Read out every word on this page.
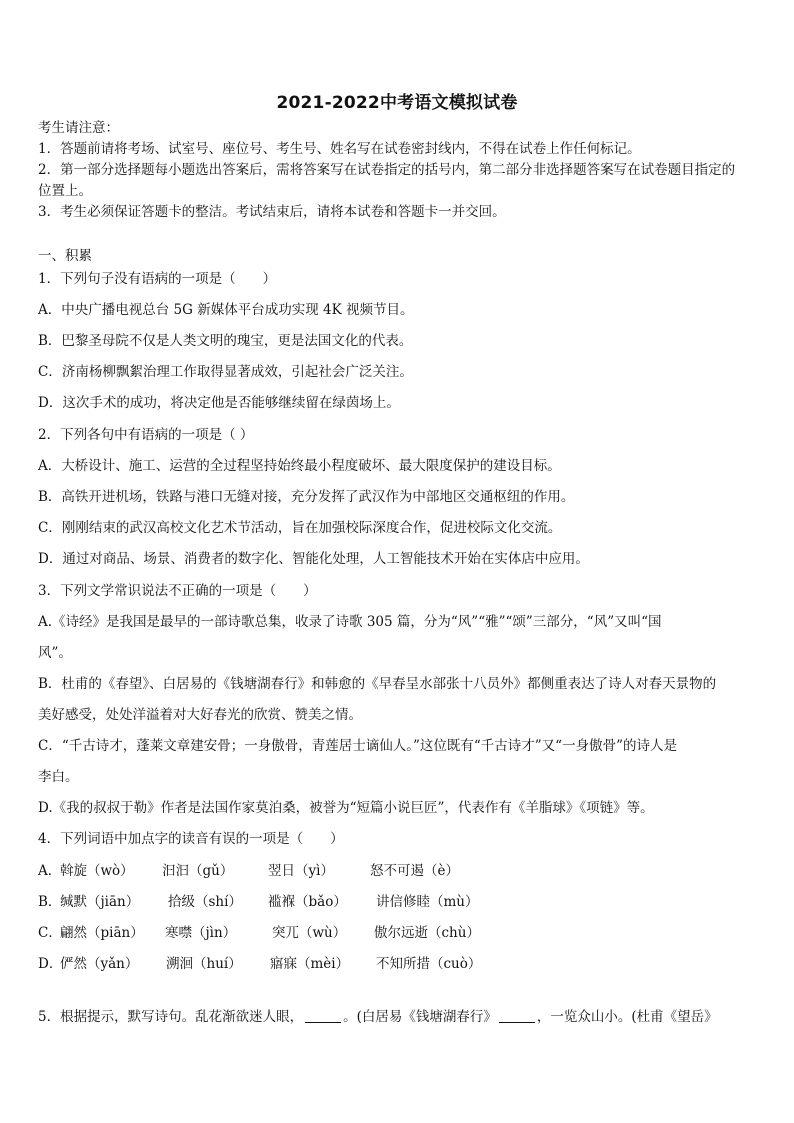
2021-2022中考语文模拟试卷
考生请注意：
1．答题前请将考场、试室号、座位号、考生号、姓名写在试卷密封线内，不得在试卷上作任何标记。
2．第一部分选择题每小题选出答案后，需将答案写在试卷指定的括号内，第二部分非选择题答案写在试卷题目指定的
位置上。
3．考生必须保证答题卡的整洁。考试结束后，请将本试卷和答题卡一并交回。
一、积累
1．下列句子没有语病的一项是（　　）
A．中央广播电视总台 5G 新媒体平台成功实现 4K 视频节目。
B．巴黎圣母院不仅是人类文明的瑰宝，更是法国文化的代表。
C．济南杨柳飘絮治理工作取得显著成效，引起社会广泛关注。
D．这次手术的成功，将决定他是否能够继续留在绿茵场上。
2．下列各句中有语病的一项是（ ）
A．大桥设计、施工、运营的全过程坚持始终最小程度破坏、最大限度保护的建设目标。
B．高铁开进机场，铁路与港口无缝对接，充分发挥了武汉作为中部地区交通枢纽的作用。
C．刚刚结束的武汉高校文化艺术节活动，旨在加强校际深度合作，促进校际文化交流。
D．通过对商品、场景、消费者的数字化、智能化处理，人工智能技术开始在实体店中应用。
3．下列文学常识说法不正确的一项是（　　）
A.《诗经》是我国是最早的一部诗歌总集，收录了诗歌 305 篇，分为“风”“雅”“颂”三部分，“风”又叫“国
风”。
B．杜甫的《春望》、白居易的《钱塘湖春行》和韩愈的《早春呈水部张十八员外》都侧重表达了诗人对春天景物的
美好感受，处处洋溢着对大好春光的欣赏、赞美之情。
C．“千古诗才，蓬莱文章建安骨；一身傲骨，青莲居士谪仙人。”这位既有“千古诗才”又“一身傲骨”的诗人是
李白。
D.《我的叔叔于勒》作者是法国作家莫泊桑，被誉为“短篇小说巨匠”，代表作有《羊脂球》《项链》等。
4．下列词语中加点字的读音有误的一项是（　　）
A．
斡旋（wò） 汩汩（gǔ）	翌日（yì）	怒不可遏（è）
B．
缄默（jiān） 拾级（shí） 褴褓（bǎo） 讲信修睦（mù）
C．
翩然（piān） 寒噤（jìn）	突兀（wù） 傲尔远逝（chù）
D．
俨然（yǎn） 溯洄（huí） 寤寐（mèi） 不知所措（cuò）
5．根据提示，默写诗句。乱花渐欲迷人眼，	。(白居易《钱塘湖春行》	，一览众山小。(杜甫《望岳》
